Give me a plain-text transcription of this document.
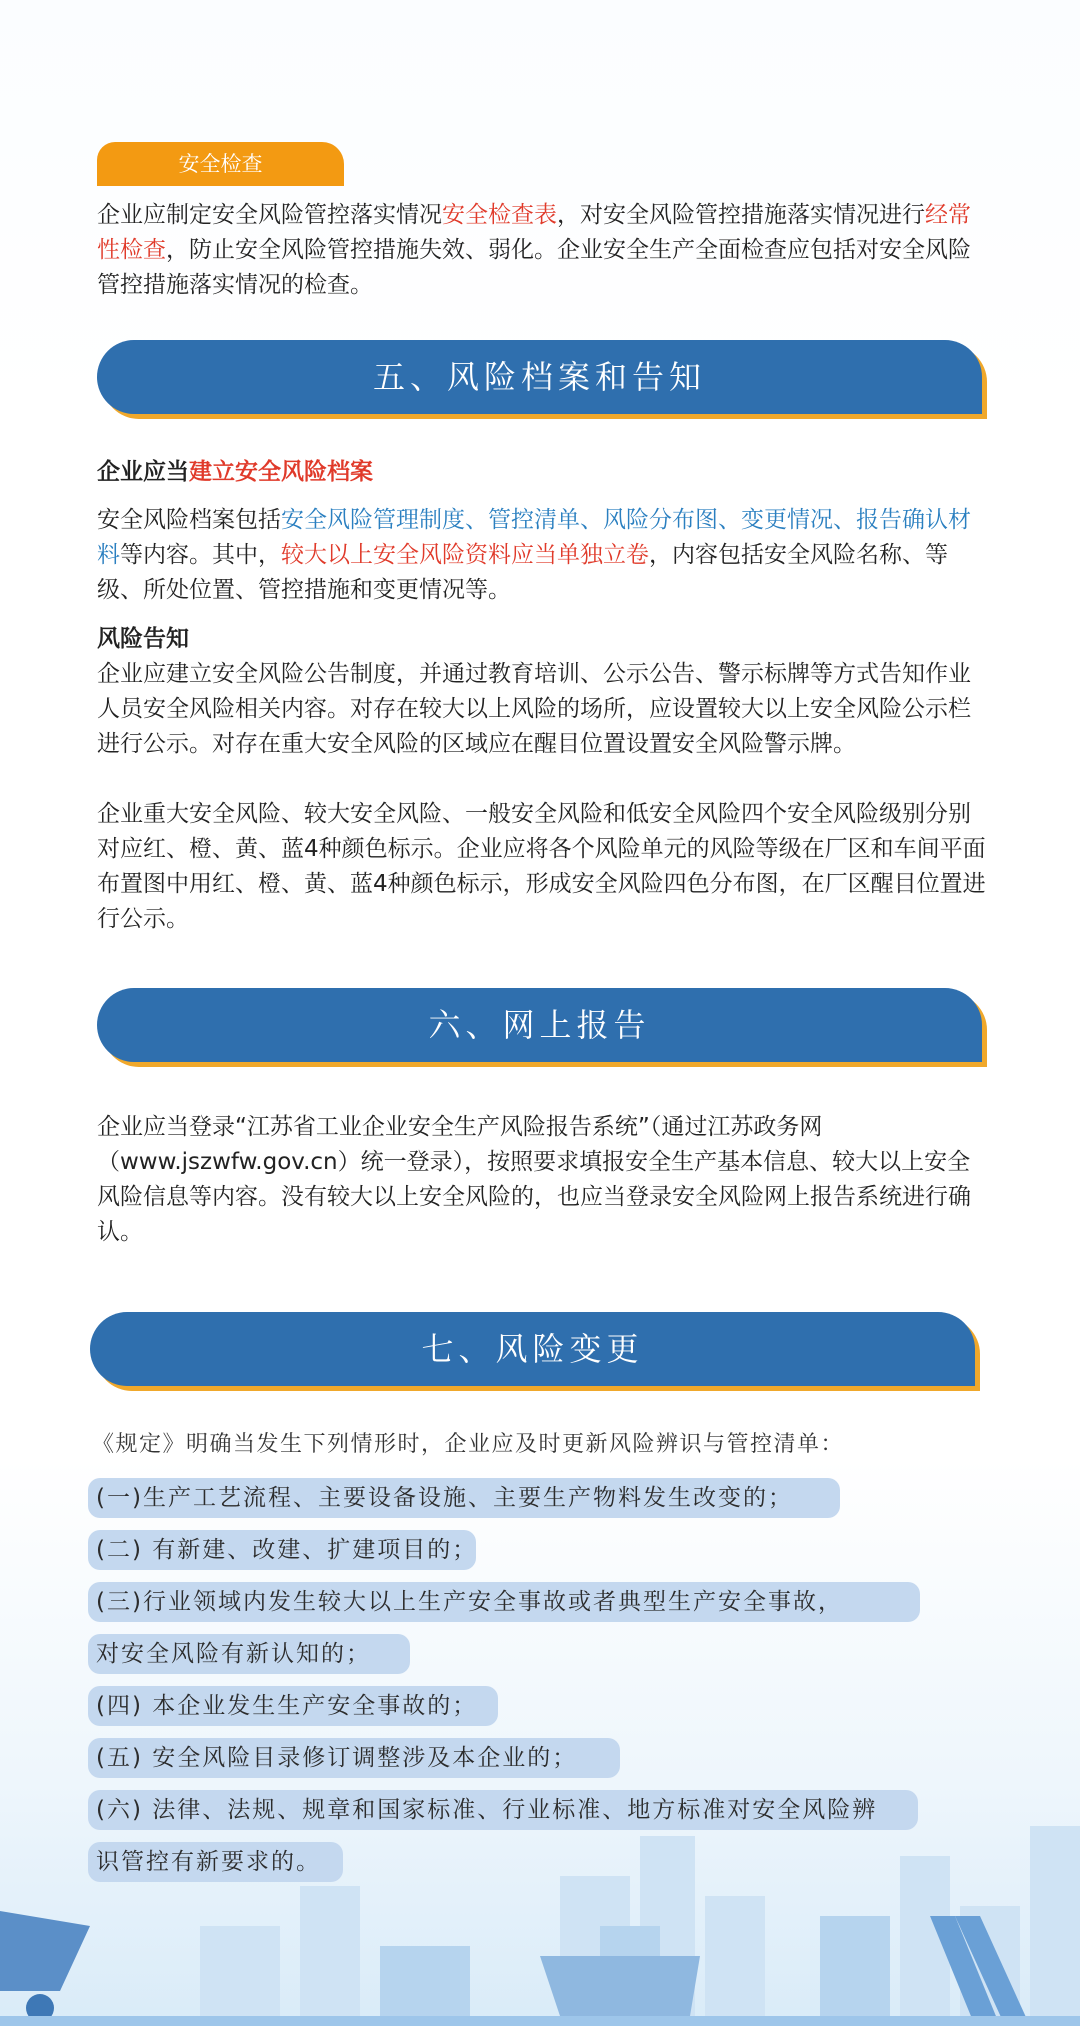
安全检查
企业应制定安全风险管控落实情况安全检查表，对安全风险管控措施落实情况进行经常性检查，防止安全风险管控措施失效、弱化。企业安全生产全面检查应包括对安全风险管控措施落实情况的检查。
五、风险档案和告知
企业应当建立安全风险档案
安全风险档案包括安全风险管理制度、管控清单、风险分布图、变更情况、报告确认材料等内容。其中，较大以上安全风险资料应当单独立卷，内容包括安全风险名称、等级、所处位置、管控措施和变更情况等。
风险告知
企业应建立安全风险公告制度，并通过教育培训、公示公告、警示标牌等方式告知作业人员安全风险相关内容。对存在较大以上风险的场所，应设置较大以上安全风险公示栏进行公示。对存在重大安全风险的区域应在醒目位置设置安全风险警示牌。
企业重大安全风险、较大安全风险、一般安全风险和低安全风险四个安全风险级别分别对应红、橙、黄、蓝4种颜色标示。企业应将各个风险单元的风险等级在厂区和车间平面布置图中用红、橙、黄、蓝4种颜色标示，形成安全风险四色分布图，在厂区醒目位置进行公示。
六、网上报告
企业应当登录“江苏省工业企业安全生产风险报告系统”（通过江苏政务网（www.jszwfw.gov.cn）统一登录），按照要求填报安全生产基本信息、较大以上安全风险信息等内容。没有较大以上安全风险的，也应当登录安全风险网上报告系统进行确认。
七、风险变更
《规定》明确当发生下列情形时，企业应及时更新风险辨识与管控清单：
(一)生产工艺流程、主要设备设施、主要生产物料发生改变的；
(二) 有新建、改建、扩建项目的；
(三)行业领域内发生较大以上生产安全事故或者典型生产安全事故，
对安全风险有新认知的；
(四) 本企业发生生产安全事故的；
(五) 安全风险目录修订调整涉及本企业的；
(六) 法律、法规、规章和国家标准、行业标准、地方标准对安全风险辨
识管控有新要求的。
